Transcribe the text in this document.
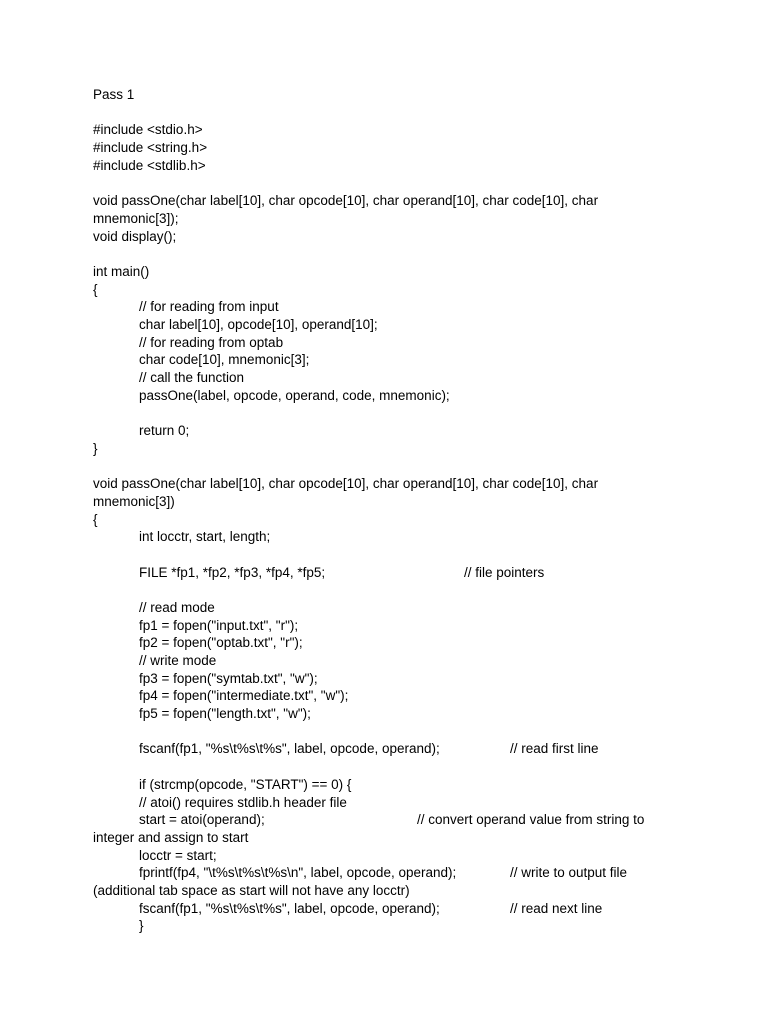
Pass 1
#include <stdio.h>
#include <string.h>
#include <stdlib.h>
void passOne(char label[10], char opcode[10], char operand[10], char code[10], char
mnemonic[3]);
void display();
int main()
{
// for reading from input
char label[10], opcode[10], operand[10];
// for reading from optab
char code[10], mnemonic[3];
// call the function
passOne(label, opcode, operand, code, mnemonic);
return 0;
}
void passOne(char label[10], char opcode[10], char operand[10], char code[10], char
mnemonic[3])
{
int locctr, start, length;
FILE *fp1, *fp2, *fp3, *fp4, *fp5;	// file pointers
// read mode
fp1 = fopen("input.txt", "r");
fp2 = fopen("optab.txt", "r");
// write mode
fp3 = fopen("symtab.txt", "w");
fp4 = fopen("intermediate.txt", "w");
fp5 = fopen("length.txt", "w");
fscanf(fp1, "%s\t%s\t%s", label, opcode, operand);	// read first line
if (strcmp(opcode, "START") == 0) {
// atoi() requires stdlib.h header file
start = atoi(operand);	// convert operand value from string to
integer and assign to start
locctr = start;
fprintf(fp4, "\t%s\t%s\t%s\n", label, opcode, operand);	// write to output file
(additional tab space as start will not have any locctr)
fscanf(fp1, "%s\t%s\t%s", label, opcode, operand);	// read next line
}
